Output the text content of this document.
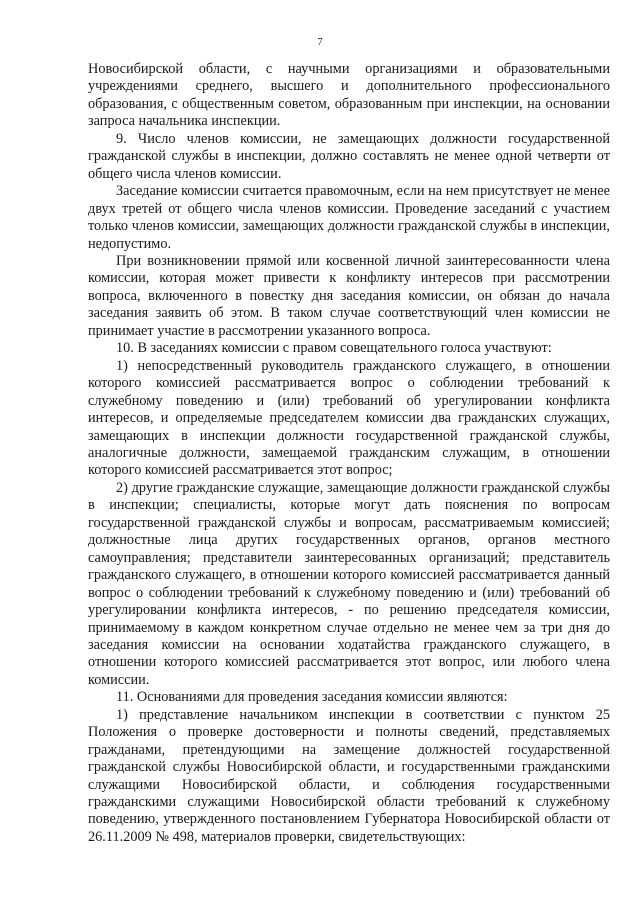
7

Новосибирской области, с научными организациями и образовательными учреждениями среднего, высшего и дополнительного профессионального образования, с общественным советом, образованным при инспекции, на основании запроса начальника инспекции.

9. Число членов комиссии, не замещающих должности государственной гражданской службы в инспекции, должно составлять не менее одной четверти от общего числа членов комиссии.

Заседание комиссии считается правомочным, если на нем присутствует не менее двух третей от общего числа членов комиссии. Проведение заседаний с участием только членов комиссии, замещающих должности гражданской службы в инспекции, недопустимо.

При возникновении прямой или косвенной личной заинтересованности члена комиссии, которая может привести к конфликту интересов при рассмотрении вопроса, включенного в повестку дня заседания комиссии, он обязан до начала заседания заявить об этом. В таком случае соответствующий член комиссии не принимает участие в рассмотрении указанного вопроса.

10. В заседаниях комиссии с правом совещательного голоса участвуют:

1) непосредственный руководитель гражданского служащего, в отношении которого комиссией рассматривается вопрос о соблюдении требований к служебному поведению и (или) требований об урегулировании конфликта интересов, и определяемые председателем комиссии два гражданских служащих, замещающих в инспекции должности государственной гражданской службы, аналогичные должности, замещаемой гражданским служащим, в отношении которого комиссией рассматривается этот вопрос;

2) другие гражданские служащие, замещающие должности гражданской службы в инспекции; специалисты, которые могут дать пояснения по вопросам государственной гражданской службы и вопросам, рассматриваемым комиссией; должностные лица других государственных органов, органов местного самоуправления; представители заинтересованных организаций; представитель гражданского служащего, в отношении которого комиссией рассматривается данный вопрос о соблюдении требований к служебному поведению и (или) требований об урегулировании конфликта интересов, - по решению председателя комиссии, принимаемому в каждом конкретном случае отдельно не менее чем за три дня до заседания комиссии на основании ходатайства гражданского служащего, в отношении которого комиссией рассматривается этот вопрос, или любого члена комиссии.

11. Основаниями для проведения заседания комиссии являются:

1) представление начальником инспекции в соответствии с пунктом 25 Положения о проверке достоверности и полноты сведений, представляемых гражданами, претендующими на замещение должностей государственной гражданской службы Новосибирской области, и государственными гражданскими служащими Новосибирской области, и соблюдения государственными гражданскими служащими Новосибирской области требований к служебному поведению, утвержденного постановлением Губернатора Новосибирской области от 26.11.2009 № 498, материалов проверки, свидетельствующих:
